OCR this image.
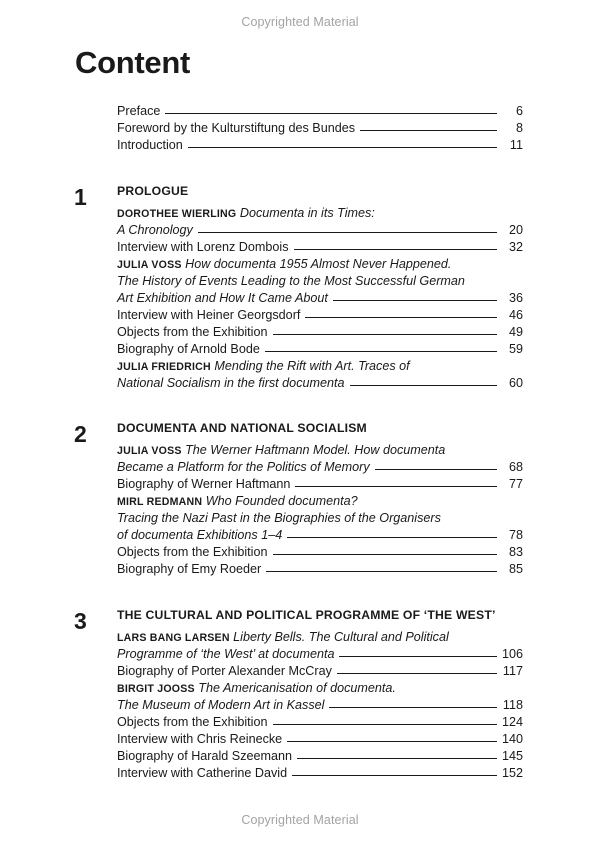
Copyrighted Material
Content
Preface	6
Foreword by the Kulturstiftung des Bundes	8
Introduction	11
1 PROLOGUE
DOROTHEE WIERLING Documenta in its Times:
A Chronology	20
Interview with Lorenz Dombois	32
JULIA VOSS How documenta 1955 Almost Never Happened.
The History of Events Leading to the Most Successful German
Art Exhibition and How It Came About	36
Interview with Heiner Georgsdorf	46
Objects from the Exhibition	49
Biography of Arnold Bode	59
JULIA FRIEDRICH Mending the Rift with Art. Traces of
National Socialism in the first documenta	60
2 DOCUMENTA AND NATIONAL SOCIALISM
JULIA VOSS The Werner Haftmann Model. How documenta
Became a Platform for the Politics of Memory	68
Biography of Werner Haftmann	77
MIRL REDMANN Who Founded documenta?
Tracing the Nazi Past in the Biographies of the Organisers
of documenta Exhibitions 1–4	78
Objects from the Exhibition	83
Biography of Emy Roeder	85
3 THE CULTURAL AND POLITICAL PROGRAMME OF ‘THE WEST’
LARS BANG LARSEN Liberty Bells. The Cultural and Political
Programme of ‘the West’ at documenta	106
Biography of Porter Alexander McCray	117
BIRGIT JOOSS The Americanisation of documenta.
The Museum of Modern Art in Kassel	118
Objects from the Exhibition	124
Interview with Chris Reinecke	140
Biography of Harald Szeemann	145
Interview with Catherine David	152
Copyrighted Material
